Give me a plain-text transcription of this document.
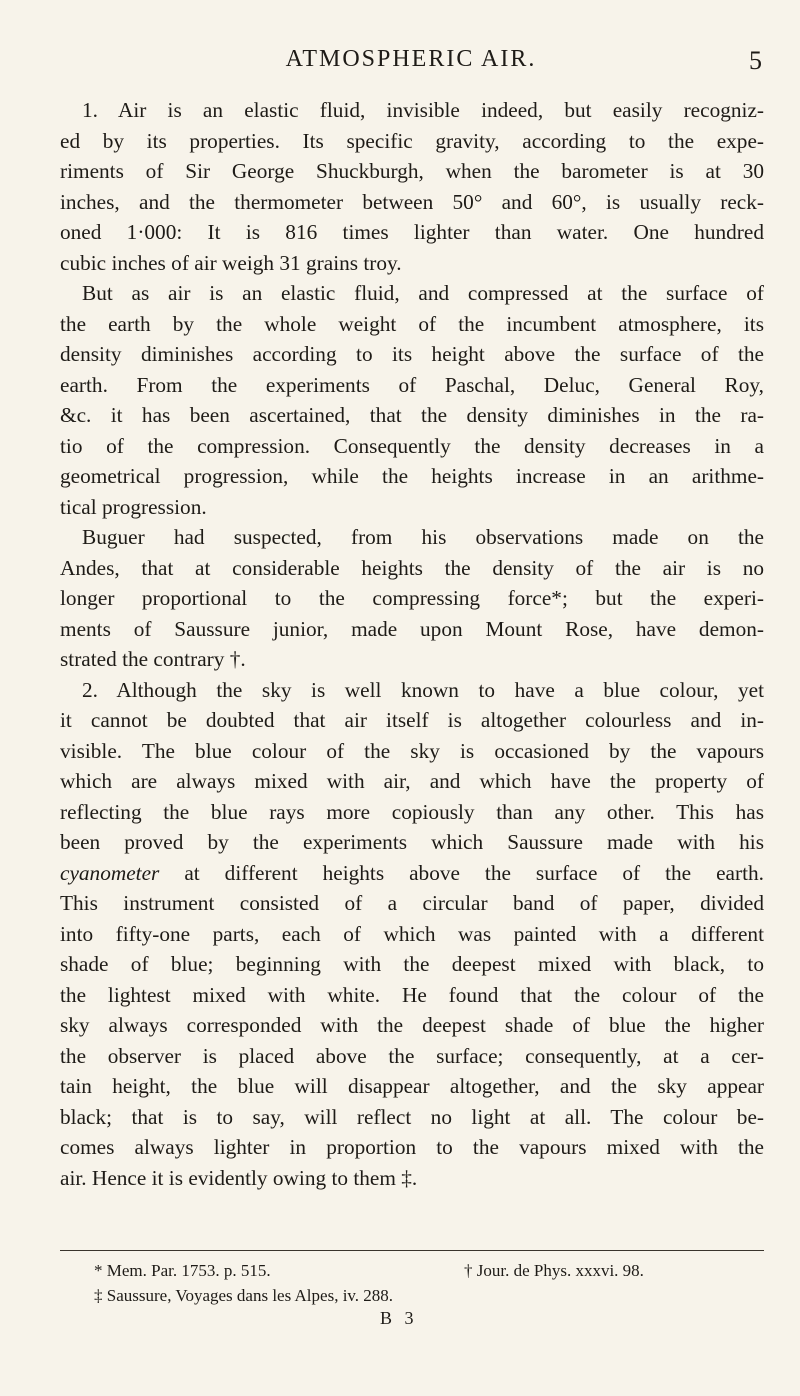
ATMOSPHERIC AIR.	5
1. Air is an elastic fluid, invisible indeed, but easily recogniz-
ed by its properties. Its specific gravity, according to the expe-
riments of Sir George Shuckburgh, when the barometer is at 30
inches, and the thermometer between 50° and 60°, is usually reck-
oned 1·000: It is 816 times lighter than water. One hundred
cubic inches of air weigh 31 grains troy.
But as air is an elastic fluid, and compressed at the surface of
the earth by the whole weight of the incumbent atmosphere, its
density diminishes according to its height above the surface of the
earth. From the experiments of Paschal, Deluc, General Roy,
&c. it has been ascertained, that the density diminishes in the ra-
tio of the compression. Consequently the density decreases in a
geometrical progression, while the heights increase in an arithme-
tical progression.
Buguer had suspected, from his observations made on the
Andes, that at considerable heights the density of the air is no
longer proportional to the compressing force*; but the experi-
ments of Saussure junior, made upon Mount Rose, have demon-
strated the contrary †.
2. Although the sky is well known to have a blue colour, yet
it cannot be doubted that air itself is altogether colourless and in-
visible. The blue colour of the sky is occasioned by the vapours
which are always mixed with air, and which have the property of
reflecting the blue rays more copiously than any other. This has
been proved by the experiments which Saussure made with his
cyanometer at different heights above the surface of the earth.
This instrument consisted of a circular band of paper, divided
into fifty-one parts, each of which was painted with a different
shade of blue; beginning with the deepest mixed with black, to
the lightest mixed with white. He found that the colour of the
sky always corresponded with the deepest shade of blue the higher
the observer is placed above the surface; consequently, at a cer-
tain height, the blue will disappear altogether, and the sky appear
black; that is to say, will reflect no light at all. The colour be-
comes always lighter in proportion to the vapours mixed with the
air. Hence it is evidently owing to them ‡.
* Mem. Par. 1753. p. 515.	† Jour. de Phys. xxxvi. 98.
‡ Saussure, Voyages dans les Alpes, iv. 288.
B 3
